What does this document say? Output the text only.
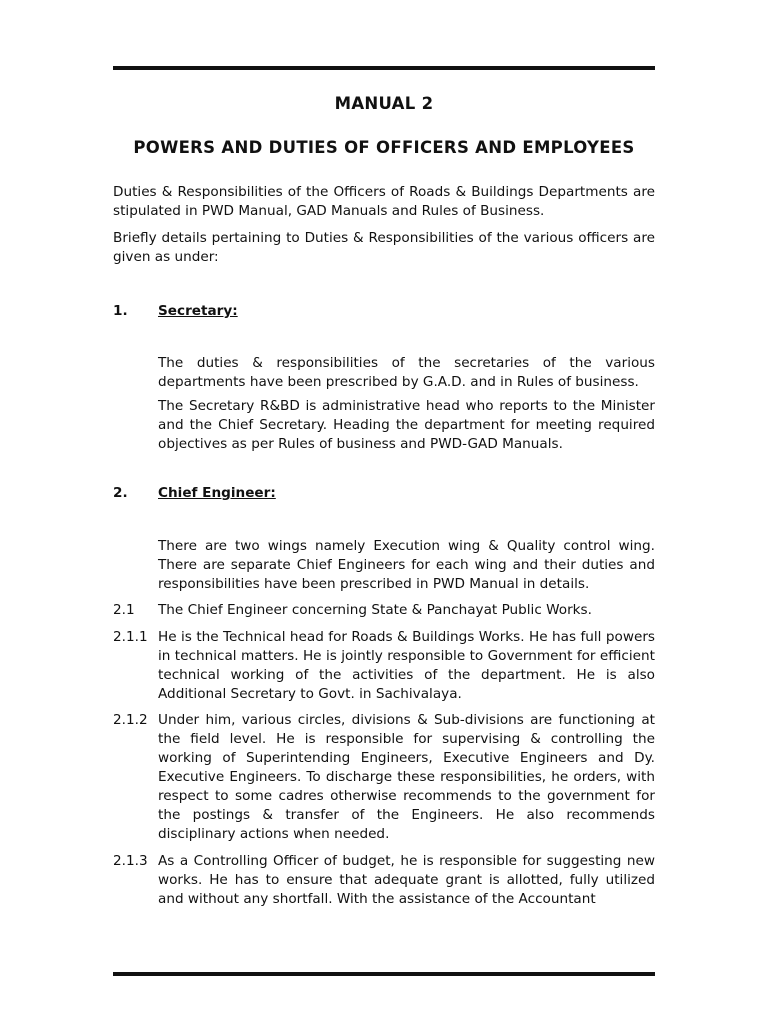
MANUAL 2
POWERS AND DUTIES OF OFFICERS AND EMPLOYEES
Duties & Responsibilities of the Officers of Roads & Buildings Departments are stipulated in PWD Manual, GAD Manuals and Rules of Business.
Briefly details pertaining to Duties & Responsibilities of the various officers are given as under:
1. Secretary:
The duties & responsibilities of the secretaries of the various departments have been prescribed by G.A.D. and in Rules of business.
The Secretary R&BD is administrative head who reports to the Minister and the Chief Secretary. Heading the department for meeting required objectives as per Rules of business and PWD-GAD Manuals.
2. Chief Engineer:
There are two wings namely Execution wing & Quality control wing. There are separate Chief Engineers for each wing and their duties and responsibilities have been prescribed in PWD Manual in details.
2.1 The Chief Engineer concerning State & Panchayat Public Works.
2.1.1 He is the Technical head for Roads & Buildings Works. He has full powers in technical matters. He is jointly responsible to Government for efficient technical working of the activities of the department. He is also Additional Secretary to Govt. in Sachivalaya.
2.1.2 Under him, various circles, divisions & Sub-divisions are functioning at the field level. He is responsible for supervising & controlling the working of Superintending Engineers, Executive Engineers and Dy. Executive Engineers. To discharge these responsibilities, he orders, with respect to some cadres otherwise recommends to the government for the postings & transfer of the Engineers. He also recommends disciplinary actions when needed.
2.1.3 As a Controlling Officer of budget, he is responsible for suggesting new works. He has to ensure that adequate grant is allotted, fully utilized and without any shortfall. With the assistance of the Accountant
